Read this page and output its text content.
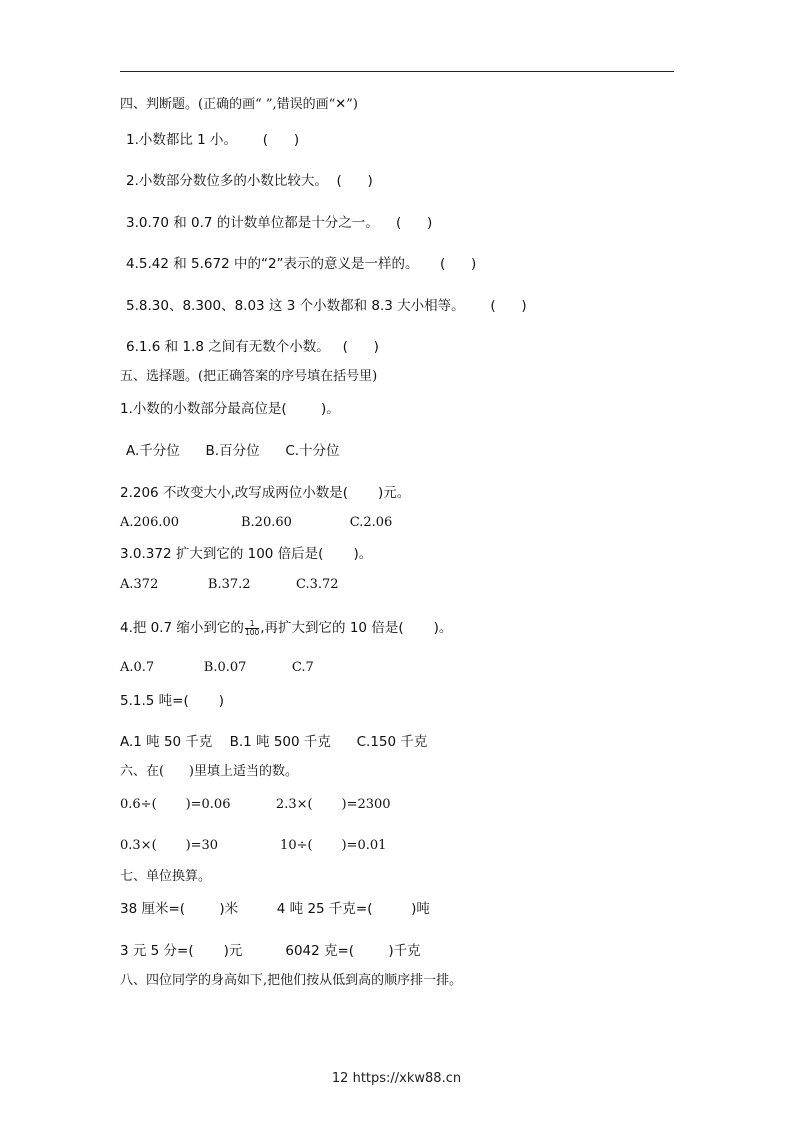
四、判断题。(正确的画“ ”,错误的画“✕”)
1.小数都比 1 小。      (      )
2.小数部分数位多的小数比较大。  (      )
3.0.70 和 0.7 的计数单位都是十分之一。    (      )
4.5.42 和 5.672 中的“2”表示的意义是一样的。     (      )
5.8.30、8.300、8.03 这 3 个小数都和 8.3 大小相等。      (      )
6.1.6 和 1.8 之间有无数个小数。   (      )
五、选择题。(把正确答案的序号填在括号里)
1.小数的小数部分最高位是(        )。
A.千分位      B.百分位      C.十分位
2.206 不改变大小,改写成两位小数是(       )元。
A.206.00               B.20.60              C.2.06
3.0.372 扩大到它的 100 倍后是(       )。
A.372            B.37.2           C.3.72
4.把 0.7 缩小到它的 $\frac{1}{100}$ ,再扩大到它的 10 倍是(       )。
A.0.7            B.0.07           C.7
5.1.5 吨=(       )
A.1 吨 50 千克    B.1 吨 500 千克      C.150 千克
六、在(      )里填上适当的数。
0.6÷(       )=0.06           2.3×(       )=2300
0.3×(       )=30               10÷(       )=0.01
七、单位换算。
38 厘米=(        )米         4 吨 25 千克=(         )吨
3 元 5 分=(       )元          6042 克=(        )千克
八、四位同学的身高如下,把他们按从低到高的顺序排一排。
12 https://xkw88.cn
